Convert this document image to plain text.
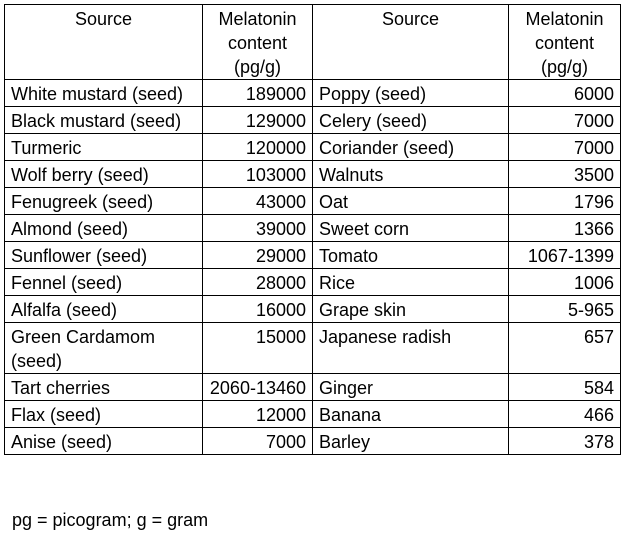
Source	Melatonin content (pg/g)	Source	Melatonin content (pg/g)
White mustard (seed)	189000	Poppy (seed)	6000
Black mustard (seed)	129000	Celery (seed)	7000
Turmeric	120000	Coriander (seed)	7000
Wolf berry (seed)	103000	Walnuts	3500
Fenugreek (seed)	43000	Oat	1796
Almond (seed)	39000	Sweet corn	1366
Sunflower (seed)	29000	Tomato	1067-1399
Fennel (seed)	28000	Rice	1006
Alfalfa (seed)	16000	Grape skin	5-965
Green Cardamom (seed)	15000	Japanese radish	657
Tart cherries	2060-13460	Ginger	584
Flax (seed)	12000	Banana	466
Anise (seed)	7000	Barley	378
pg = picogram; g = gram
